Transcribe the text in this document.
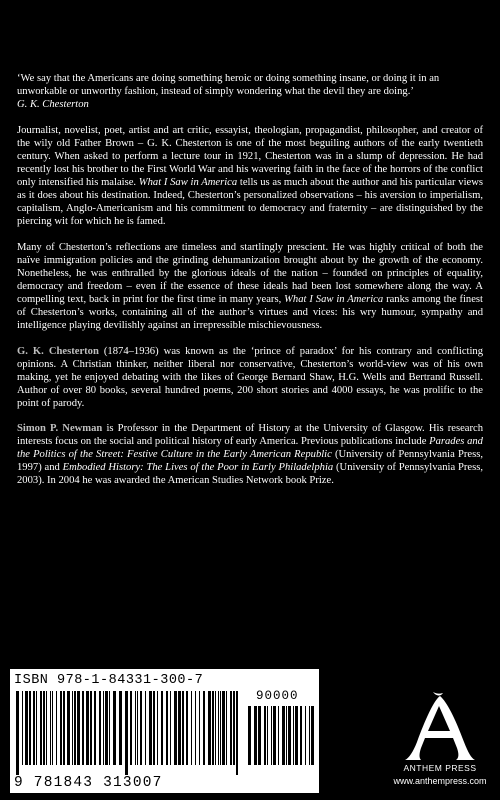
‘We say that the Americans are doing something heroic or doing something insane, or doing it in an unworkable or unworthy fashion, instead of simply wondering what the devil they are doing.’
G. K. Chesterton

Journalist, novelist, poet, artist and art critic, essayist, theologian, propagandist, philosopher, and creator of the wily old Father Brown – G. K. Chesterton is one of the most beguiling authors of the early twentieth century. When asked to perform a lecture tour in 1921, Chesterton was in a slump of depression. He had recently lost his brother to the First World War and his wavering faith in the face of the horrors of the conflict only intensified his malaise. What I Saw in America tells us as much about the author and his particular views as it does about his destination. Indeed, Chesterton’s personalized observations – his aversion to imperialism, capitalism, Anglo-Americanism and his commitment to democracy and fraternity – are distinguished by the piercing wit for which he is famed.

Many of Chesterton’s reflections are timeless and startlingly prescient. He was highly critical of both the naïve immigration policies and the grinding dehumanization brought about by the growth of the economy. Nonetheless, he was enthralled by the glorious ideals of the nation – founded on principles of equality, democracy and freedom – even if the essence of these ideals had been lost somewhere along the way. A compelling text, back in print for the first time in many years, What I Saw in America ranks among the finest of Chesterton’s works, containing all of the author’s virtues and vices: his wry humour, sympathy and intelligence playing devilishly against an irrepressible mischievousness.

G. K. Chesterton (1874–1936) was known as the ‘prince of paradox’ for his contrary and conflicting opinions. A Christian thinker, neither liberal nor conservative, Chesterton’s world-view was of his own making, yet he enjoyed debating with the likes of George Bernard Shaw, H.G. Wells and Bertrand Russell. Author of over 80 books, several hundred poems, 200 short stories and 4000 essays, he was prolific to the point of parody.

Simon P. Newman is Professor in the Department of History at the University of Glasgow. His research interests focus on the social and political history of early America. Previous publications include Parades and the Politics of the Street: Festive Culture in the Early American Republic (University of Pennsylvania Press, 1997) and Embodied History: The Lives of the Poor in Early Philadelphia (University of Pennsylvania Press, 2003). In 2004 he was awarded the American Studies Network book Prize.

ISBN 978-1-84331-300-7
90000
9 781843 313007
ANTHEM PRESS
www.anthempress.com
